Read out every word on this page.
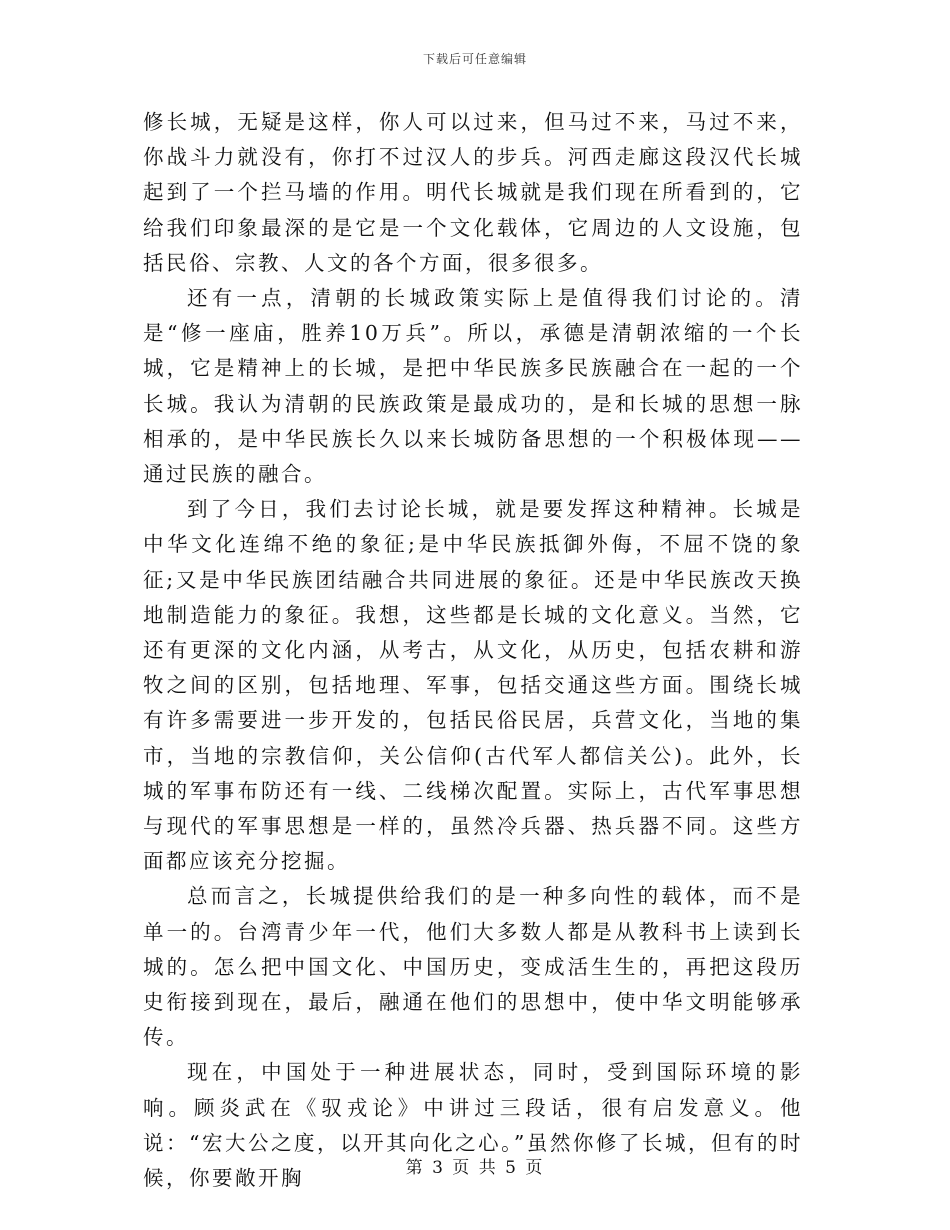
下载后可任意编辑

修长城，无疑是这样，你人可以过来，但马过不来，马过不来，你战斗力就没有，你打不过汉人的步兵。河西走廊这段汉代长城起到了一个拦马墙的作用。明代长城就是我们现在所看到的，它给我们印象最深的是它是一个文化载体，它周边的人文设施，包括民俗、宗教、人文的各个方面，很多很多。

还有一点，清朝的长城政策实际上是值得我们讨论的。清是“修一座庙，胜养10万兵”。所以，承德是清朝浓缩的一个长城，它是精神上的长城，是把中华民族多民族融合在一起的一个长城。我认为清朝的民族政策是最成功的，是和长城的思想一脉相承的，是中华民族长久以来长城防备思想的一个积极体现——通过民族的融合。

到了今日，我们去讨论长城，就是要发挥这种精神。长城是中华文化连绵不绝的象征;是中华民族抵御外侮，不屈不饶的象征;又是中华民族团结融合共同进展的象征。还是中华民族改天换地制造能力的象征。我想，这些都是长城的文化意义。当然，它还有更深的文化内涵，从考古，从文化，从历史，包括农耕和游牧之间的区别，包括地理、军事，包括交通这些方面。围绕长城有许多需要进一步开发的，包括民俗民居，兵营文化，当地的集市，当地的宗教信仰，关公信仰(古代军人都信关公)。此外，长城的军事布防还有一线、二线梯次配置。实际上，古代军事思想与现代的军事思想是一样的，虽然冷兵器、热兵器不同。这些方面都应该充分挖掘。

总而言之，长城提供给我们的是一种多向性的载体，而不是单一的。台湾青少年一代，他们大多数人都是从教科书上读到长城的。怎么把中国文化、中国历史，变成活生生的，再把这段历史衔接到现在，最后，融通在他们的思想中，使中华文明能够承传。

现在，中国处于一种进展状态，同时，受到国际环境的影响。顾炎武在《驭戎论》中讲过三段话，很有启发意义。他说：“宏大公之度，以开其向化之心。”虽然你修了长城，但有的时候，你要敞开胸	第 3 页 共 5 页
